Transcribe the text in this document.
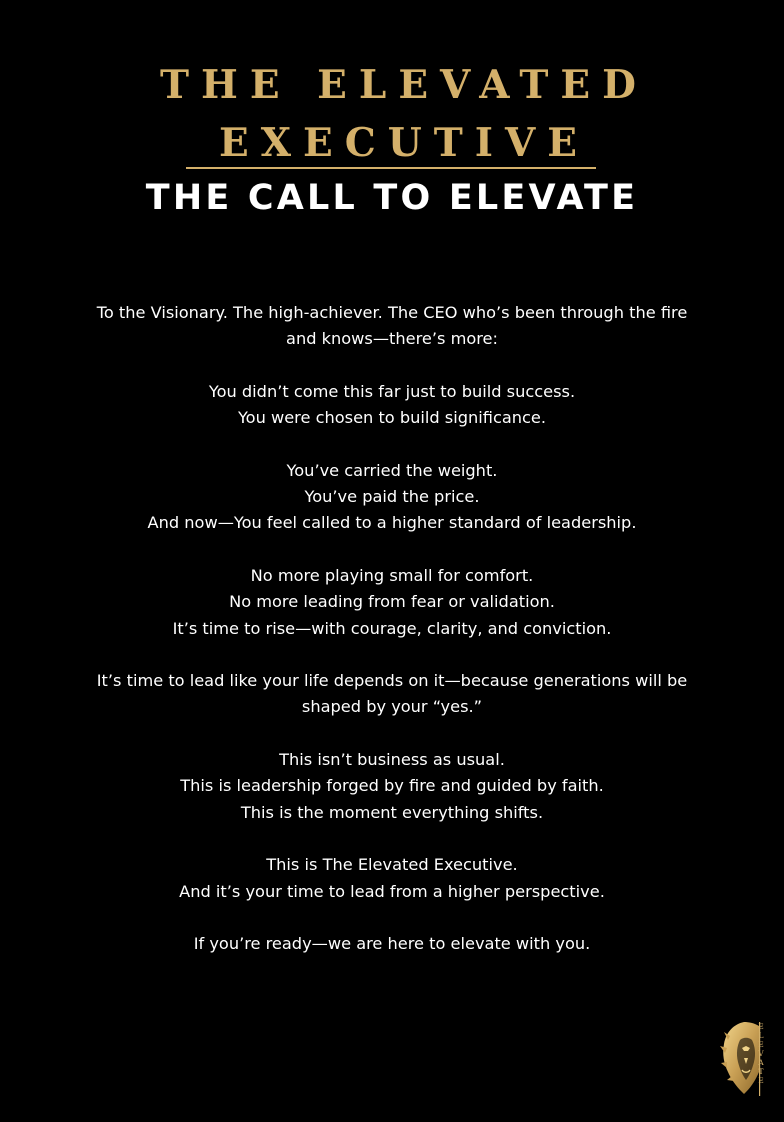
THE ELEVATED
EXECUTIVE
THE CALL TO ELEVATE

To the Visionary. The high-achiever. The CEO who’s been through the fire
and knows—there’s more:

You didn’t come this far just to build success.
You were chosen to build significance.

You’ve carried the weight.
You’ve paid the price.
And now—You feel called to a higher standard of leadership.

No more playing small for comfort.
No more leading from fear or validation.
It’s time to rise—with courage, clarity, and conviction.

It’s time to lead like your life depends on it—because generations will be
shaped by your “yes.”

This isn’t business as usual.
This is leadership forged by fire and guided by faith.
This is the moment everything shifts.

This is The Elevated Executive.
And it’s your time to lead from a higher perspective.

If you’re ready—we are here to elevate with you.

E
L
E
V
A
T
E
